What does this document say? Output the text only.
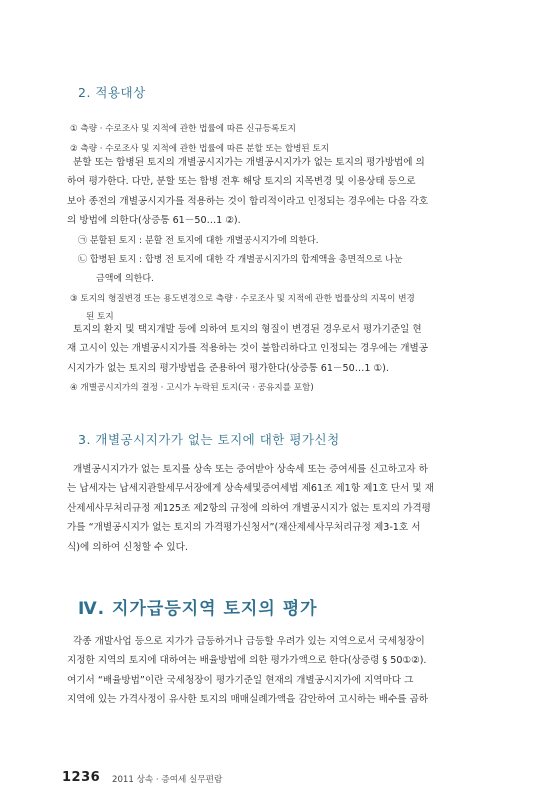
2. 적용대상
① 측량 · 수로조사 및 지적에 관한 법률에 따른 신규등록토지
② 측량 · 수로조사 및 지적에 관한 법률에 따른 분할 또는 합병된 토지

분할 또는 합병된 토지의 개별공시지가는 개별공시지가가 없는 토지의 평가방법에 의

하여 평가한다. 다만, 분할 또는 합병 전후 해당 토지의 지목변경 및 이용상태 등으로

보아 종전의 개별공시지가를 적용하는 것이 합리적이라고 인정되는 경우에는 다음 각호

의 방법에 의한다(상증통 61－50…1 ②).

㉠ 분할된 토지 : 분할 전 토지에 대한 개별공시지가에 의한다.
㉡ 합병된 토지 : 합병 전 토지에 대한 각 개별공시지가의 합계액을 총면적으로 나눈
금액에 의한다.
③ 토지의 형질변경 또는 용도변경으로 측량 · 수로조사 및 지적에 관한 법률상의 지목이 변경
된 토지

토지의 환지 및 택지개발 등에 의하여 토지의 형질이 변경된 경우로서 평가기준일 현

재 고시이 있는 개별공시지가를 적용하는 것이 불합리하다고 인정되는 경우에는 개별공

시지가가 없는 토지의 평가방법을 준용하여 평가한다(상증통 61－50…1 ①).

④ 개별공시지가의 결정 · 고시가 누락된 토지(국 · 공유지를 포함)
3. 개별공시지가가 없는 토지에 대한 평가신청

개별공시지가가 없는 토지를 상속 또는 증여받아 상속세 또는 증여세를 신고하고자 하

는 납세자는 납세지관할세무서장에게 상속세및증여세법 제61조 제1항 제1호 단서 및 재

산제세사무처리규정 제125조 제2항의 규정에 의하여 개별공시지가 없는 토지의 가격평

가를 “개별공시지가 없는 토지의 가격평가신청서”(재산제세사무처리규정 제3-1호 서

식)에 의하여 신청할 수 있다.

Ⅳ. 지가급등지역 토지의 평가

각종 개발사업 등으로 지가가 급등하거나 급등할 우려가 있는 지역으로서 국세청장이

지정한 지역의 토지에 대하여는 배율방법에 의한 평가가액으로 한다(상증령 § 50①②).

여기서 “배율방법”이란 국세청장이 평가기준일 현재의 개별공시지가에 지역마다 그

지역에 있는 가격사정이 유사한 토지의 매매실례가액을 감안하여 고시하는 배수를 곱하

1236 2011 상속 · 증여세 실무편람
